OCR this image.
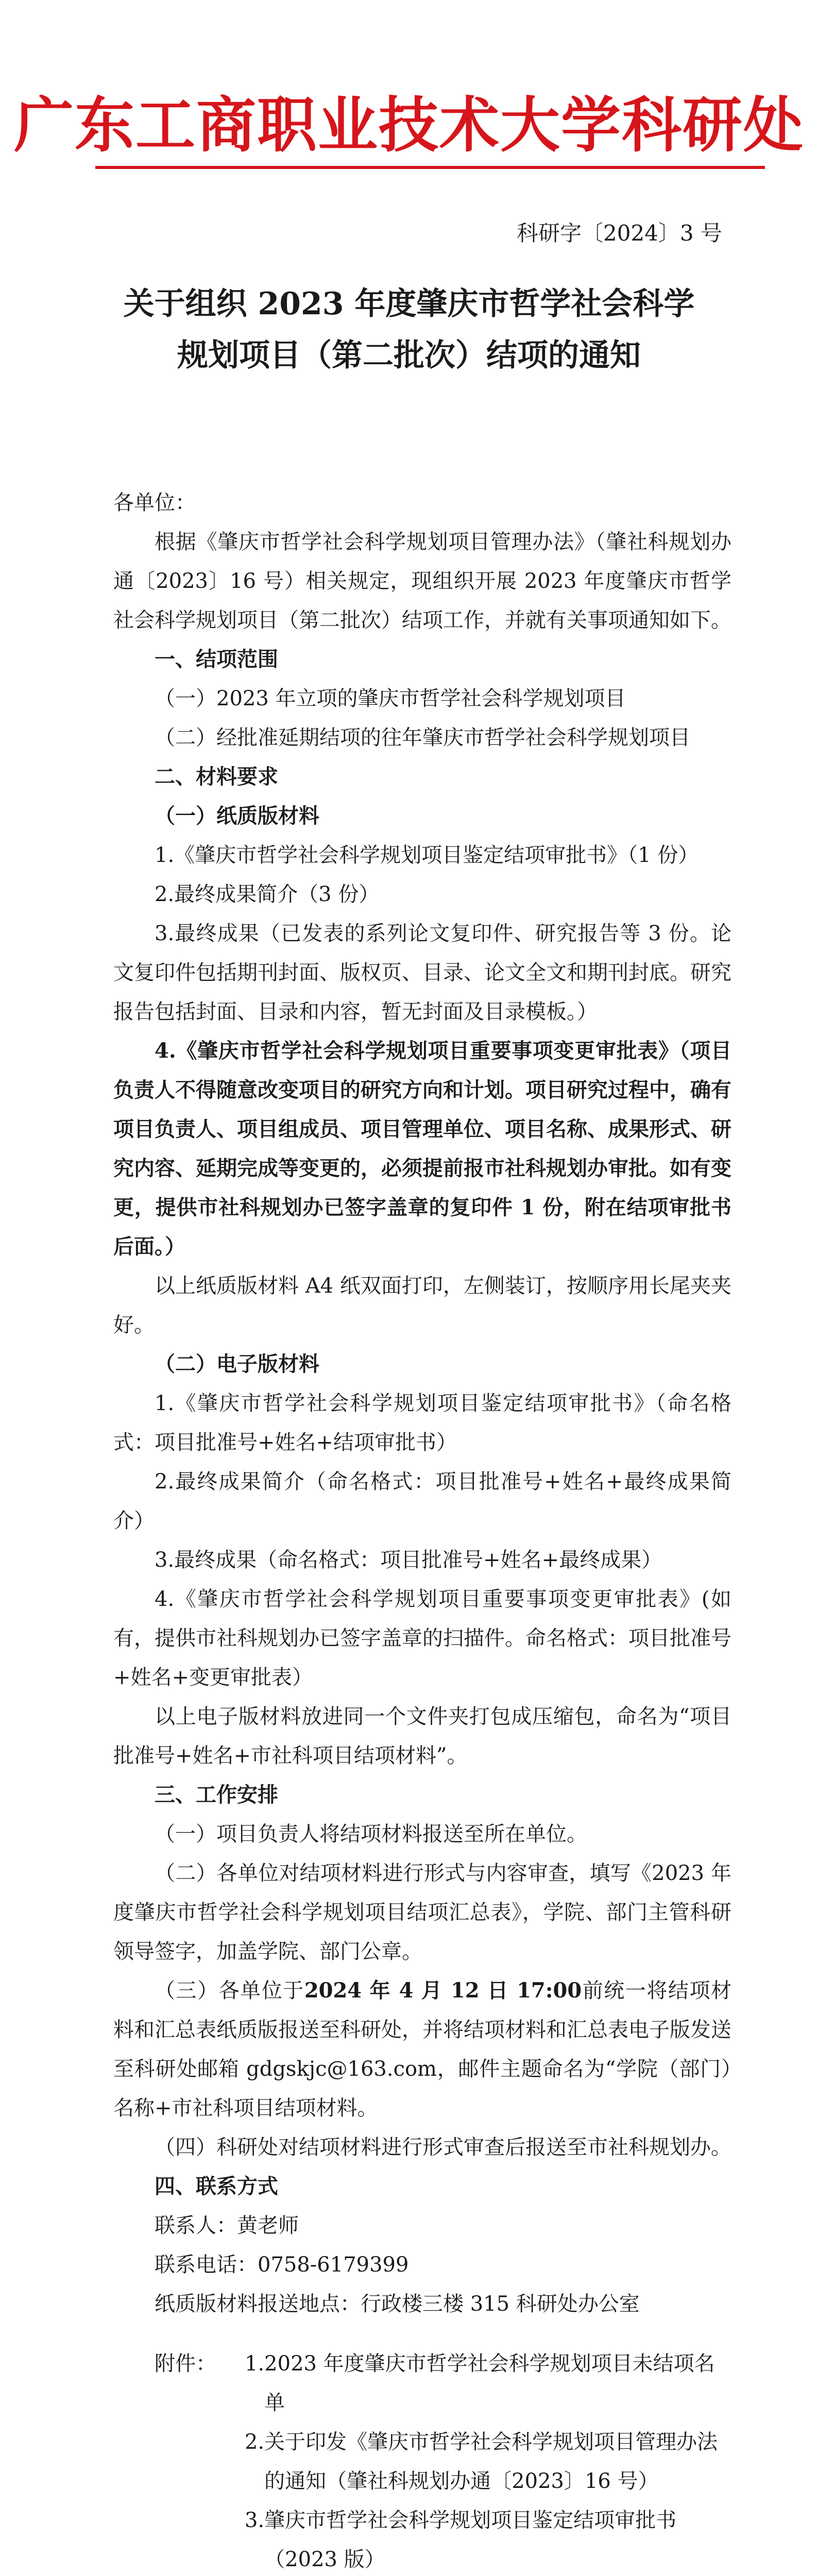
广东工商职业技术大学科研处
科研字〔2024〕3 号
关于组织 2023 年度肇庆市哲学社会科学
规划项目（第二批次）结项的通知

各单位：

根据《肇庆市哲学社会科学规划项目管理办法》（肇社科规划办通〔2023〕16 号）相关规定，现组织开展 2023 年度肇庆市哲学社会科学规划项目（第二批次）结项工作，并就有关事项通知如下。

一、结项范围

（一）2023 年立项的肇庆市哲学社会科学规划项目

（二）经批准延期结项的往年肇庆市哲学社会科学规划项目

二、材料要求

（一）纸质版材料

1.《肇庆市哲学社会科学规划项目鉴定结项审批书》（1 份）

2.最终成果简介（3 份）

3.最终成果（已发表的系列论文复印件、研究报告等 3 份。论文复印件包括期刊封面、版权页、目录、论文全文和期刊封底。研究报告包括封面、目录和内容，暂无封面及目录模板。）

4.《肇庆市哲学社会科学规划项目重要事项变更审批表》（项目负责人不得随意改变项目的研究方向和计划。项目研究过程中，确有项目负责人、项目组成员、项目管理单位、项目名称、成果形式、研究内容、延期完成等变更的，必须提前报市社科规划办审批。如有变更，提供市社科规划办已签字盖章的复印件 1 份，附在结项审批书后面。）

以上纸质版材料 A4 纸双面打印，左侧装订，按顺序用长尾夹夹好。

（二）电子版材料

1.《肇庆市哲学社会科学规划项目鉴定结项审批书》（命名格式：项目批准号+姓名+结项审批书）

2.最终成果简介（命名格式：项目批准号+姓名+最终成果简介）

3.最终成果（命名格式：项目批准号+姓名+最终成果）

4.《肇庆市哲学社会科学规划项目重要事项变更审批表》(如有，提供市社科规划办已签字盖章的扫描件。命名格式：项目批准号+姓名+变更审批表）

以上电子版材料放进同一个文件夹打包成压缩包，命名为“项目批准号+姓名+市社科项目结项材料”。

三、工作安排

（一）项目负责人将结项材料报送至所在单位。

（二）各单位对结项材料进行形式与内容审查，填写《2023 年度肇庆市哲学社会科学规划项目结项汇总表》，学院、部门主管科研领导签字，加盖学院、部门公章。

（三）各单位于2024 年 4 月 12 日 17:00前统一将结项材料和汇总表纸质版报送至科研处，并将结项材料和汇总表电子版发送至科研处邮箱 gdgskjc@163.com，邮件主题命名为“学院（部门）名称+市社科项目结项材料。

（四）科研处对结项材料进行形式审查后报送至市社科规划办。

四、联系方式

联系人：黄老师

联系电话：0758-6179399

纸质版材料报送地点：行政楼三楼 315 科研处办公室

附件：	1. 2023 年度肇庆市哲学社会科学规划项目未结项名单
2. 关于印发《肇庆市哲学社会科学规划项目管理办法的通知（肇社科规划办通〔2023〕16 号）
3. 肇庆市哲学社会科学规划项目鉴定结项审批书（2023 版）
